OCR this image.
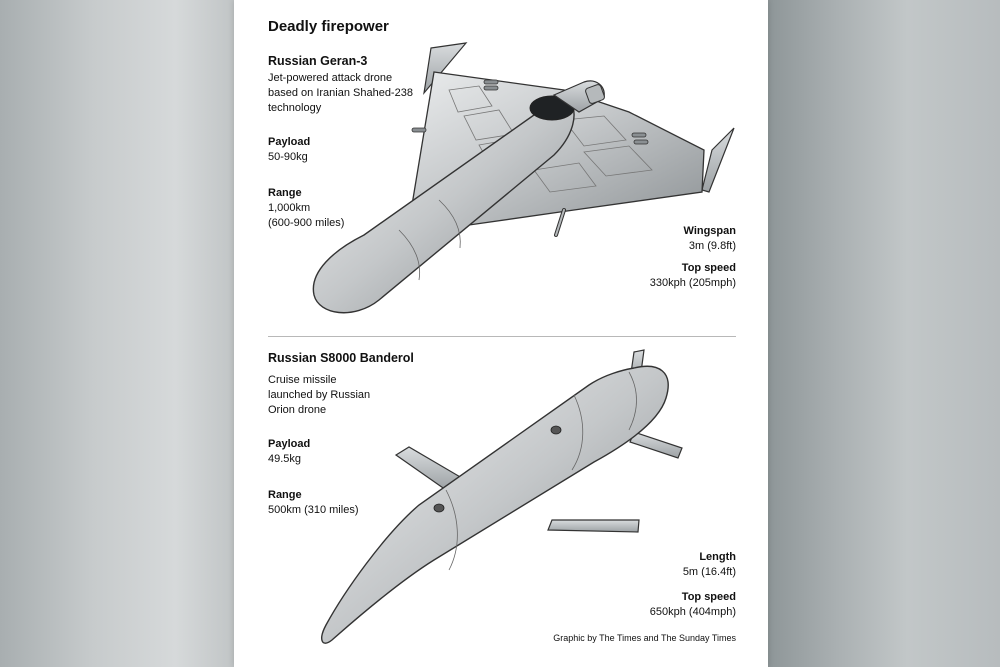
Deadly firepower
Russian Geran-3
Jet-powered attack drone
based on Iranian Shahed-238
technology
Payload
50-90kg
Range
1,000km
(600-900 miles)
Wingspan
3m (9.8ft)
Top speed
330kph (205mph)
Russian S8000 Banderol
Cruise missile
launched by Russian
Orion drone
Payload
49.5kg
Range
500km (310 miles)
Length
5m (16.4ft)
Top speed
650kph (404mph)
Graphic by The Times and The Sunday Times
